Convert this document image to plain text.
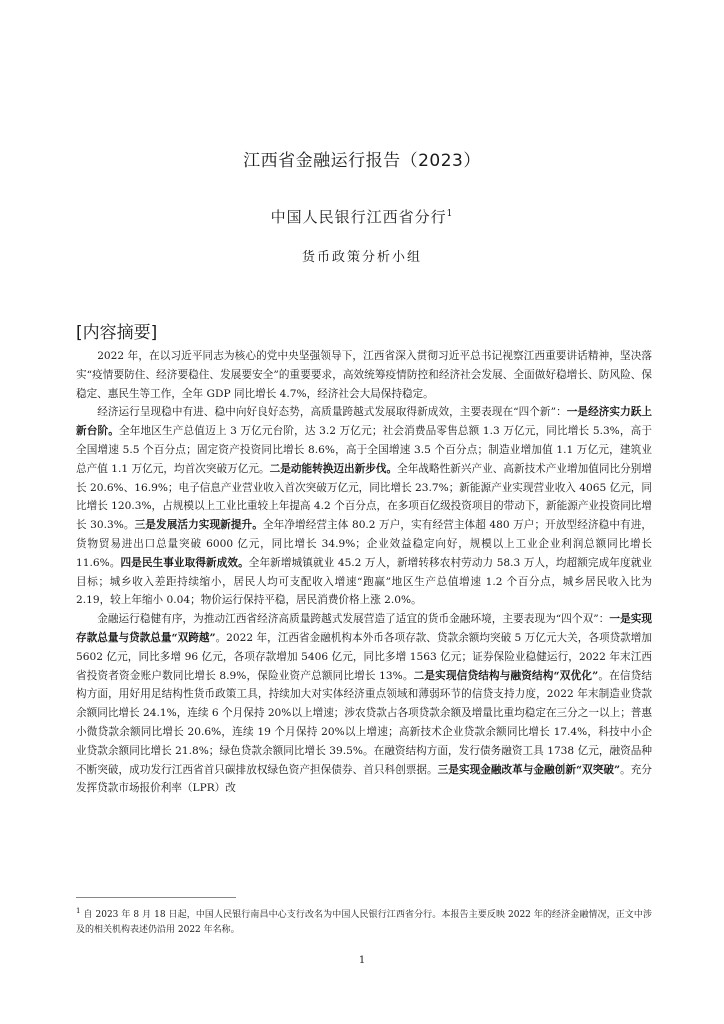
江西省金融运行报告（2023）
中国人民银行江西省分行$^1$
货币政策分析小组
[内容摘要]

2022 年，在以习近平同志为核心的党中央坚强领导下，江西省深入贯彻习近平总书记视察江西重要讲话精神，坚决落实“疫情要防住、经济要稳住、发展要安全”的重要要求，高效统筹疫情防控和经济社会发展、全面做好稳增长、防风险、保稳定、惠民生等工作，全年 GDP 同比增长 4.7%，经济社会大局保持稳定。

经济运行呈现稳中有进、稳中向好良好态势，高质量跨越式发展取得新成效，主要表现在“四个新”：一是经济实力跃上新台阶。全年地区生产总值迈上 3 万亿元台阶，达 3.2 万亿元；社会消费品零售总额 1.3 万亿元，同比增长 5.3%，高于全国增速 5.5 个百分点；固定资产投资同比增长 8.6%，高于全国增速 3.5 个百分点；制造业增加值 1.1 万亿元，建筑业总产值 1.1 万亿元，均首次突破万亿元。二是动能转换迈出新步伐。全年战略性新兴产业、高新技术产业增加值同比分别增长 20.6%、16.9%；电子信息产业营业收入首次突破万亿元，同比增长 23.7%；新能源产业实现营业收入 4065 亿元，同比增长 120.3%，占规模以上工业比重较上年提高 4.2 个百分点，在多项百亿级投资项目的带动下，新能源产业投资同比增长 30.3%。三是发展活力实现新提升。全年净增经营主体 80.2 万户，实有经营主体超 480 万户；开放型经济稳中有进，货物贸易进出口总量突破 6000 亿元，同比增长 34.9%；企业效益稳定向好，规模以上工业企业利润总额同比增长 11.6%。四是民生事业取得新成效。全年新增城镇就业 45.2 万人，新增转移农村劳动力 58.3 万人，均超额完成年度就业目标；城乡收入差距持续缩小，居民人均可支配收入增速“跑赢”地区生产总值增速 1.2 个百分点，城乡居民收入比为 2.19，较上年缩小 0.04；物价运行保持平稳，居民消费价格上涨 2.0%。

金融运行稳健有序，为推动江西省经济高质量跨越式发展营造了适宜的货币金融环境，主要表现为“四个双”：一是实现存款总量与贷款总量“双跨越”。2022 年，江西省金融机构本外币各项存款、贷款余额均突破 5 万亿元大关，各项贷款增加 5602 亿元，同比多增 96 亿元，各项存款增加 5406 亿元，同比多增 1563 亿元；证券保险业稳健运行，2022 年末江西省投资者资金账户数同比增长 8.9%，保险业资产总额同比增长 13%。二是实现信贷结构与融资结构“双优化”。在信贷结构方面，用好用足结构性货币政策工具，持续加大对实体经济重点领域和薄弱环节的信贷支持力度，2022 年末制造业贷款余额同比增长 24.1%，连续 6 个月保持 20%以上增速；涉农贷款占各项贷款余额及增量比重均稳定在三分之一以上；普惠小微贷款余额同比增长 20.6%，连续 19 个月保持 20%以上增速；高新技术企业贷款余额同比增长 17.4%，科技中小企业贷款余额同比增长 21.8%；绿色贷款余额同比增长 39.5%。在融资结构方面，发行债务融资工具 1738 亿元，融资品种不断突破，成功发行江西省首只碳排放权绿色资产担保债券、首只科创票据。三是实现金融改革与金融创新“双突破”。充分发挥贷款市场报价利率（LPR）改

$^1$ 自 2023 年 8 月 18 日起，中国人民银行南昌中心支行改名为中国人民银行江西省分行。本报告主要反映 2022 年的经济金融情况，正文中涉及的相关机构表述仍沿用 2022 年名称。
1
